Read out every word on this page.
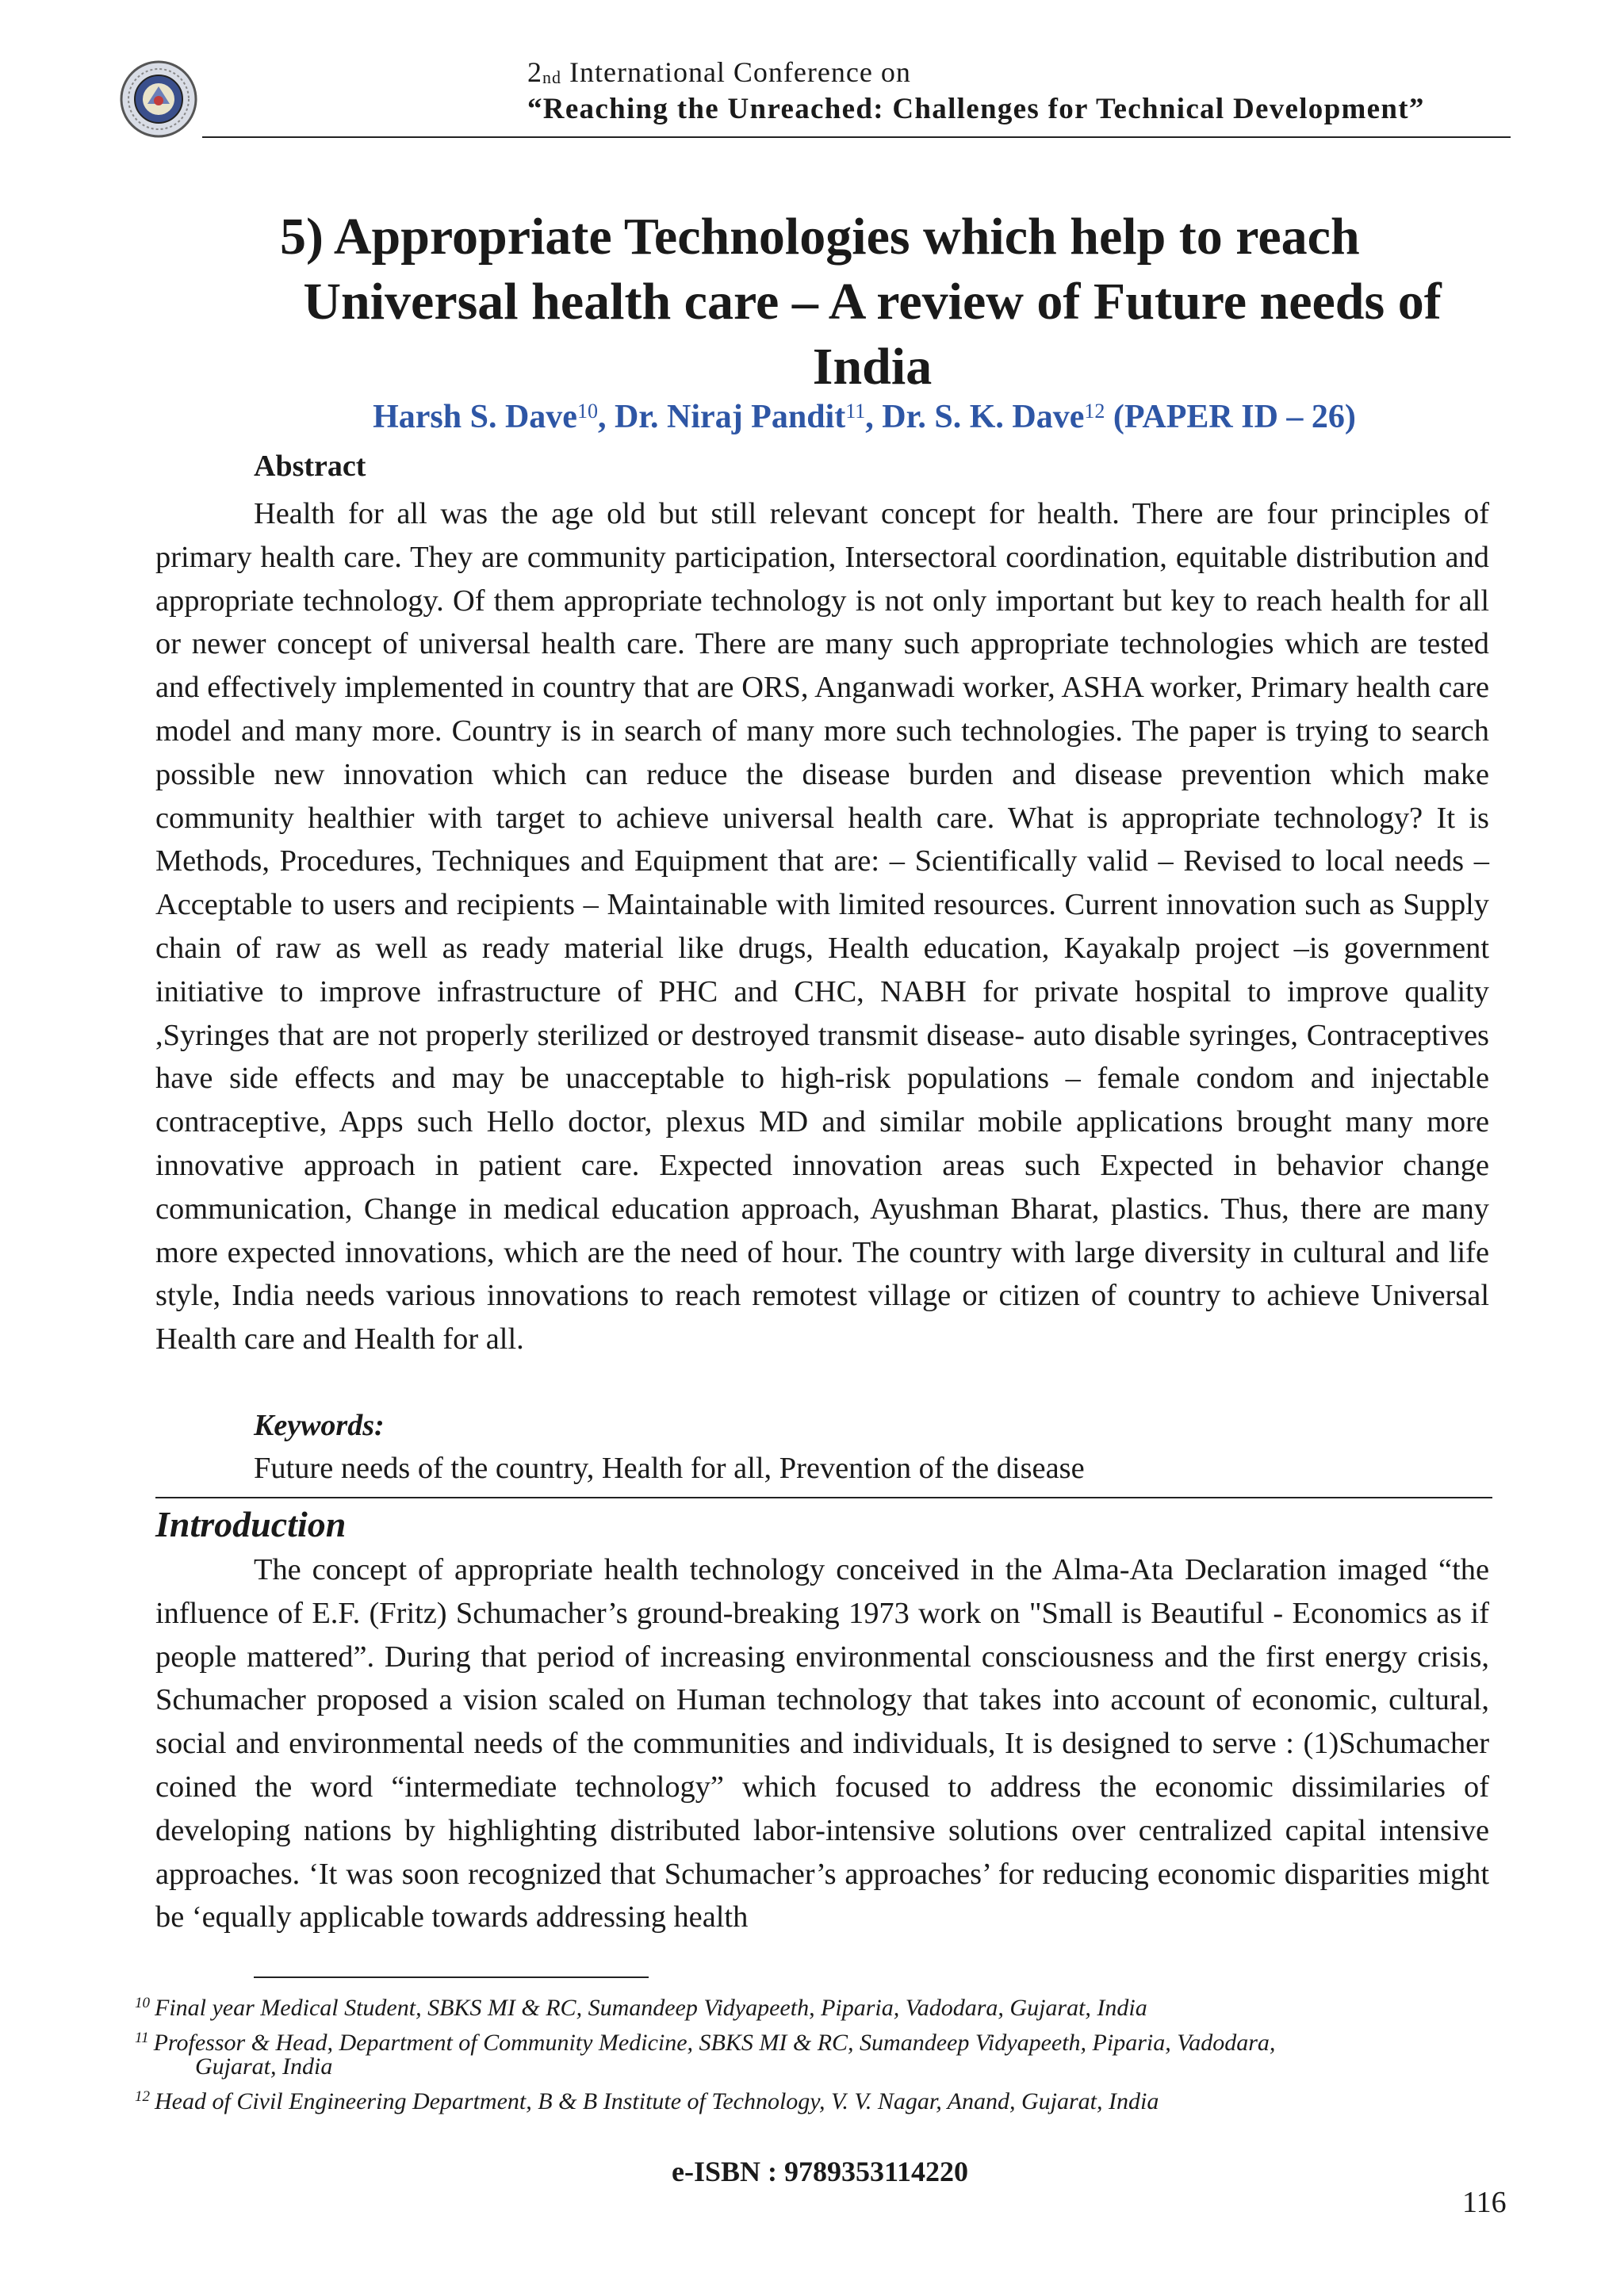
$2_{nd}$ International Conference on
“Reaching the Unreached: Challenges for Technical Development”
5) Appropriate Technologies which help to reach
Universal health care – A review of Future needs of
India
Harsh S. Dave$^{10}$, Dr. Niraj Pandit$^{11}$, Dr. S. K. Dave$^{12}$ (PAPER ID – 26)
Abstract

Health for all was the age old but still relevant concept for health. There are four principles of primary health care. They are community participation, Intersectoral coordination, equitable distribution and appropriate technology. Of them appropriate technology is not only important but key to reach health for all or newer concept of universal health care. There are many such appropriate technologies which are tested and effectively implemented in country that are ORS, Anganwadi worker, ASHA worker, Primary health care model and many more. Country is in search of many more such technologies. The paper is trying to search possible new innovation which can reduce the disease burden and disease prevention which make community healthier with target to achieve universal health care. What is appropriate technology? It is Methods, Procedures, Techniques and Equipment that are: – Scientifically valid – Revised to local needs – Acceptable to users and recipients – Maintainable with limited resources. Current innovation such as Supply chain of raw as well as ready material like drugs, Health education, Kayakalp project –is government initiative to improve infrastructure of PHC and CHC, NABH for private hospital to improve quality ,Syringes that are not properly sterilized or destroyed transmit disease- auto disable syringes, Contraceptives have side effects and may be unacceptable to high-risk populations – female condom and injectable contraceptive, Apps such Hello doctor, plexus MD and similar mobile applications brought many more innovative approach in patient care. Expected innovation areas such Expected in behavior change communication, Change in medical education approach, Ayushman Bharat, plastics. Thus, there are many more expected innovations, which are the need of hour. The country with large diversity in cultural and life style, India needs various innovations to reach remotest village or citizen of country to achieve Universal Health care and Health for all.

Keywords:
Future needs of the country, Health for all, Prevention of the disease
Introduction

The concept of appropriate health technology conceived in the Alma-Ata Declaration imaged “the influence of E.F. (Fritz) Schumacher’s ground-breaking 1973 work on "Small is Beautiful - Economics as if people mattered”. During that period of increasing environmental consciousness and the first energy crisis, Schumacher proposed a vision scaled on Human technology that takes into account of economic, cultural, social and environmental needs of the communities and individuals, It is designed to serve : (1)Schumacher coined the word “intermediate technology” which focused to address the economic dissimilaries of developing nations by highlighting distributed labor-intensive solutions over centralized capital intensive approaches. ‘It was soon recognized that Schumacher’s approaches’ for reducing economic disparities might be ‘equally applicable towards addressing health

$^{10}$ Final year Medical Student, SBKS MI & RC, Sumandeep Vidyapeeth, Piparia, Vadodara, Gujarat, India

$^{11}$ Professor & Head, Department of Community Medicine, SBKS MI & RC, Sumandeep Vidyapeeth, Piparia, Vadodara,
Gujarat, India

$^{12}$ Head of Civil Engineering Department, B & B Institute of Technology, V. V. Nagar, Anand, Gujarat, India

e-ISBN : 9789353114220
116
